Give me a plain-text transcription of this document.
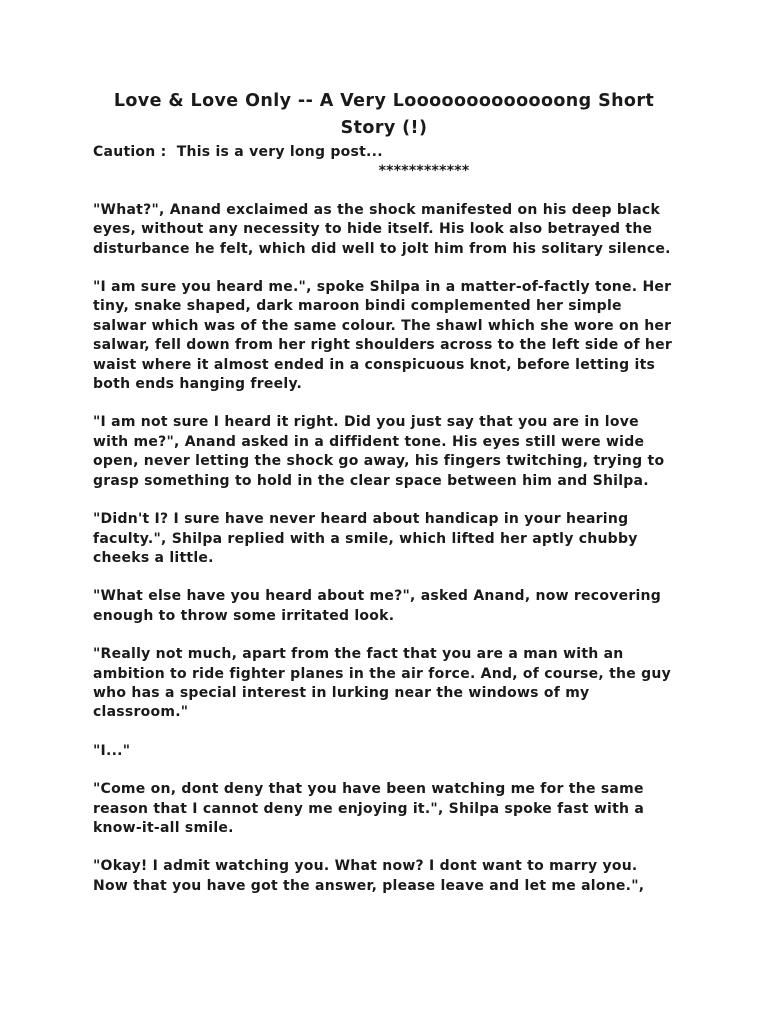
Love & Love Only -- A Very Looooooooooooong Short Story (!)

Caution :  This is a very long post...

************

"What?", Anand exclaimed as the shock manifested on his deep black eyes, without any necessity to hide itself. His look also betrayed the disturbance he felt, which did well to jolt him from his solitary silence.

"I am sure you heard me.", spoke Shilpa in a matter-of-factly tone. Her tiny, snake shaped, dark maroon bindi complemented her simple salwar which was of the same colour. The shawl which she wore on her salwar, fell down from her right shoulders across to the left side of her waist where it almost ended in a conspicuous knot, before letting its both ends hanging freely.

"I am not sure I heard it right. Did you just say that you are in love with me?", Anand asked in a diffident tone. His eyes still were wide open, never letting the shock go away, his fingers twitching, trying to grasp something to hold in the clear space between him and Shilpa.

"Didn't I? I sure have never heard about handicap in your hearing faculty.", Shilpa replied with a smile, which lifted her aptly chubby cheeks a little.

"What else have you heard about me?", asked Anand, now recovering enough to throw some irritated look.

"Really not much, apart from the fact that you are a man with an ambition to ride fighter planes in the air force. And, of course, the guy who has a special interest in lurking near the windows of my classroom."

"I..."

"Come on, dont deny that you have been watching me for the same reason that I cannot deny me enjoying it.", Shilpa spoke fast with a know-it-all smile.

"Okay! I admit watching you. What now? I dont want to marry you. Now that you have got the answer, please leave and let me alone.",
